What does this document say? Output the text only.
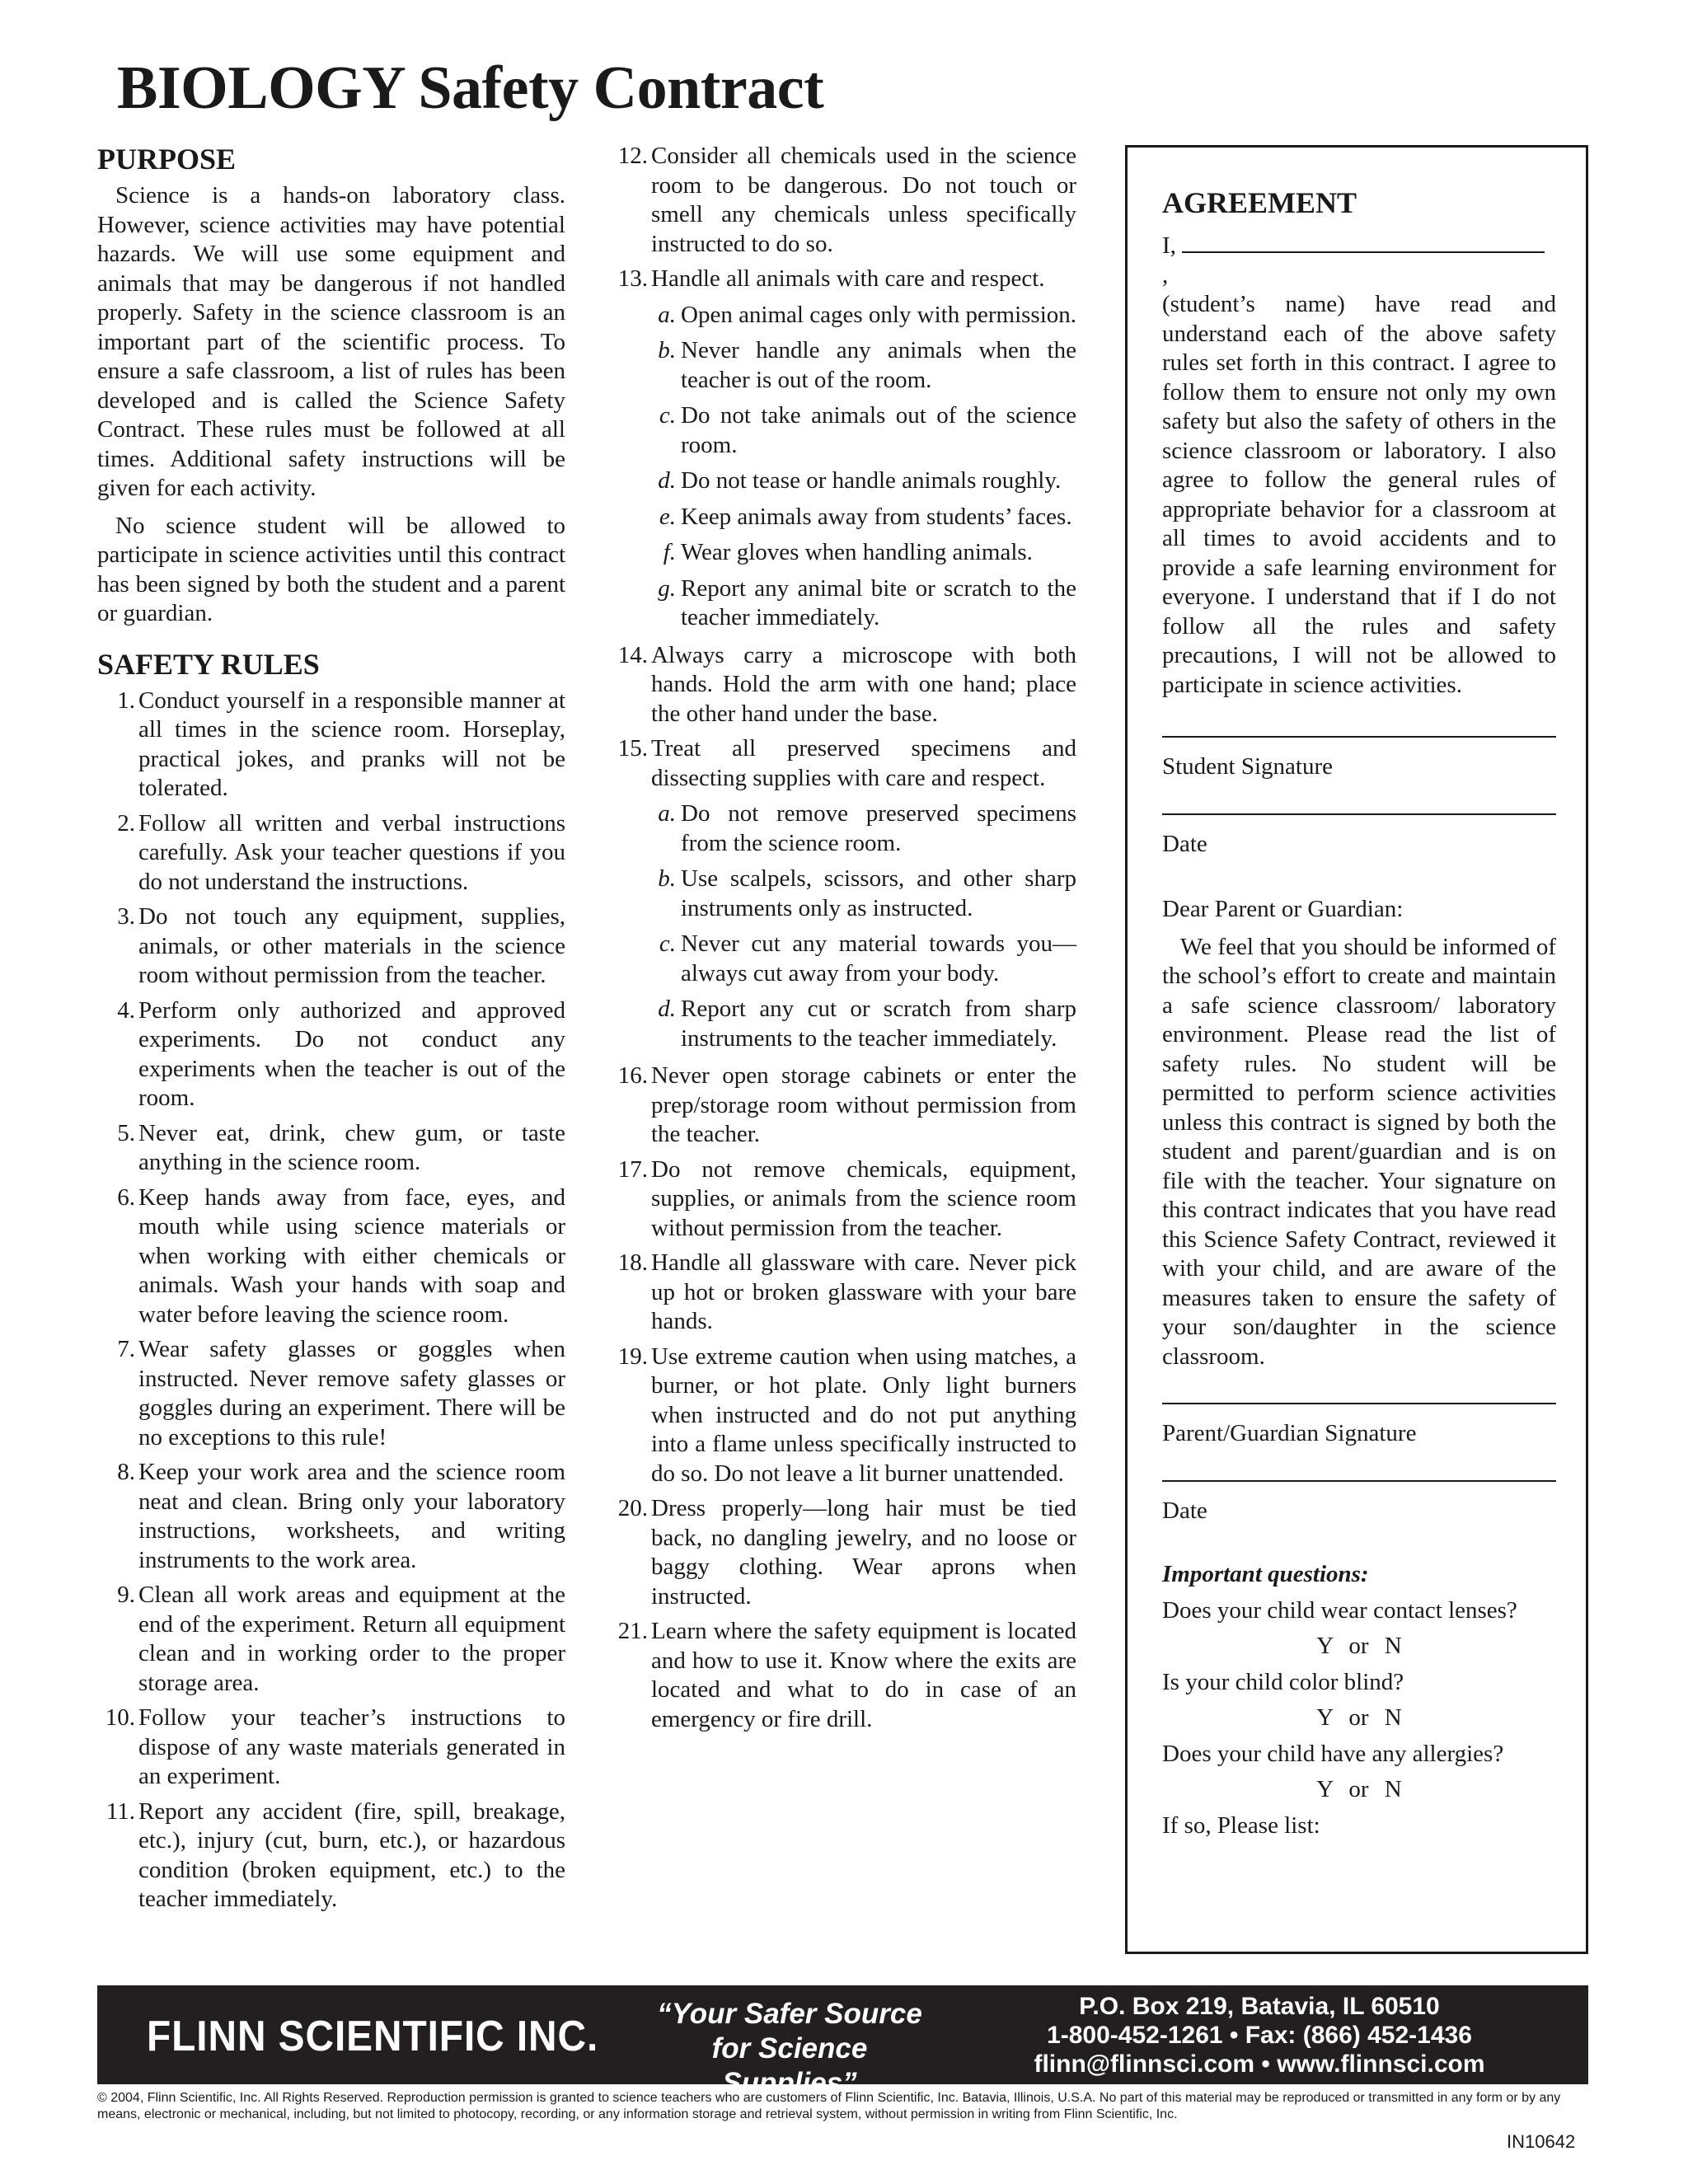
BIOLOGY Safety Contract
PURPOSE

Science is a hands-on laboratory class. However, science activities may have potential hazards. We will use some equipment and animals that may be dangerous if not handled properly. Safety in the science classroom is an important part of the scientific process. To ensure a safe classroom, a list of rules has been developed and is called the Science Safety Contract. These rules must be followed at all times. Additional safety instructions will be given for each activity.

No science student will be allowed to participate in science activities until this contract has been signed by both the student and a parent or guardian.

SAFETY RULES
1. Conduct yourself in a responsible manner at all times in the science room. Horseplay, practical jokes, and pranks will not be tolerated.
2. Follow all written and verbal instructions carefully. Ask your teacher questions if you do not understand the instructions.
3. Do not touch any equipment, supplies, animals, or other materials in the science room without permission from the teacher.
4. Perform only authorized and approved experiments. Do not conduct any experiments when the teacher is out of the room.
5. Never eat, drink, chew gum, or taste anything in the science room.
6. Keep hands away from face, eyes, and mouth while using science materials or when working with either chemicals or animals. Wash your hands with soap and water before leaving the science room.
7. Wear safety glasses or goggles when instructed. Never remove safety glasses or goggles during an experiment. There will be no exceptions to this rule!
8. Keep your work area and the science room neat and clean. Bring only your laboratory instructions, worksheets, and writing instruments to the work area.
9. Clean all work areas and equipment at the end of the experiment. Return all equipment clean and in working order to the proper storage area.
10. Follow your teacher’s instructions to dispose of any waste materials generated in an experiment.
11. Report any accident (fire, spill, breakage, etc.), injury (cut, burn, etc.), or hazardous condition (broken equipment, etc.) to the teacher immediately.
12. Consider all chemicals used in the science room to be dangerous. Do not touch or smell any chemicals unless specifically instructed to do so.
13. Handle all animals with care and respect.
a. Open animal cages only with permission.
b. Never handle any animals when the teacher is out of the room.
c. Do not take animals out of the science room.
d. Do not tease or handle animals roughly.
e. Keep animals away from students’ faces.
f. Wear gloves when handling animals.
g. Report any animal bite or scratch to the teacher immediately.
14. Always carry a microscope with both hands. Hold the arm with one hand; place the other hand under the base.
15. Treat all preserved specimens and dissecting supplies with care and respect.
a. Do not remove preserved specimens from the science room.
b. Use scalpels, scissors, and other sharp instruments only as instructed.
c. Never cut any material towards you—always cut away from your body.
d. Report any cut or scratch from sharp instruments to the teacher immediately.
16. Never open storage cabinets or enter the prep/storage room without permission from the teacher.
17. Do not remove chemicals, equipment, supplies, or animals from the science room without permission from the teacher.
18. Handle all glassware with care. Never pick up hot or broken glassware with your bare hands.
19. Use extreme caution when using matches, a burner, or hot plate. Only light burners when instructed and do not put anything into a flame unless specifically instructed to do so. Do not leave a lit burner unattended.
20. Dress properly—long hair must be tied back, no dangling jewelry, and no loose or baggy clothing. Wear aprons when instructed.
21. Learn where the safety equipment is located and how to use it. Know where the exits are located and what to do in case of an emergency or fire drill.
AGREEMENT
I,  ,
(student’s name) have read and understand each of the above safety rules set forth in this contract. I agree to follow them to ensure not only my own safety but also the safety of others in the science classroom or laboratory. I also agree to follow the general rules of appropriate behavior for a classroom at all times to avoid accidents and to provide a safe learning environment for everyone. I understand that if I do not follow all the rules and safety precautions, I will not be allowed to participate in science activities.
Student Signature
Date
Dear Parent or Guardian:
We feel that you should be informed of the school’s effort to create and maintain a safe science classroom/ laboratory environment. Please read the list of safety rules. No student will be permitted to perform science activities unless this contract is signed by both the student and parent/guardian and is on file with the teacher. Your signature on this contract indicates that you have read this Science Safety Contract, reviewed it with your child, and are aware of the measures taken to ensure the safety of your son/daughter in the science classroom.
Parent/Guardian Signature
Date
Important questions:
Does your child wear contact lenses?
Y or N
Is your child color blind?
Y or N
Does your child have any allergies?
Y or N
If so, Please list:
FLINN SCIENTIFIC INC.	“Your Safer Source
for Science Supplies”
P.O. Box 219, Batavia, IL 60510
1-800-452-1261 • Fax: (866) 452-1436
flinn@flinnsci.com • www.flinnsci.com
© 2004, Flinn Scientific, Inc. All Rights Reserved. Reproduction permission is granted to science teachers who are customers of Flinn Scientific, Inc. Batavia, Illinois, U.S.A. No part of this material may be reproduced or transmitted in any form or by any means, electronic or mechanical, including, but not limited to photocopy, recording, or any information storage and retrieval system, without permission in writing from Flinn Scientific, Inc.
IN10642
